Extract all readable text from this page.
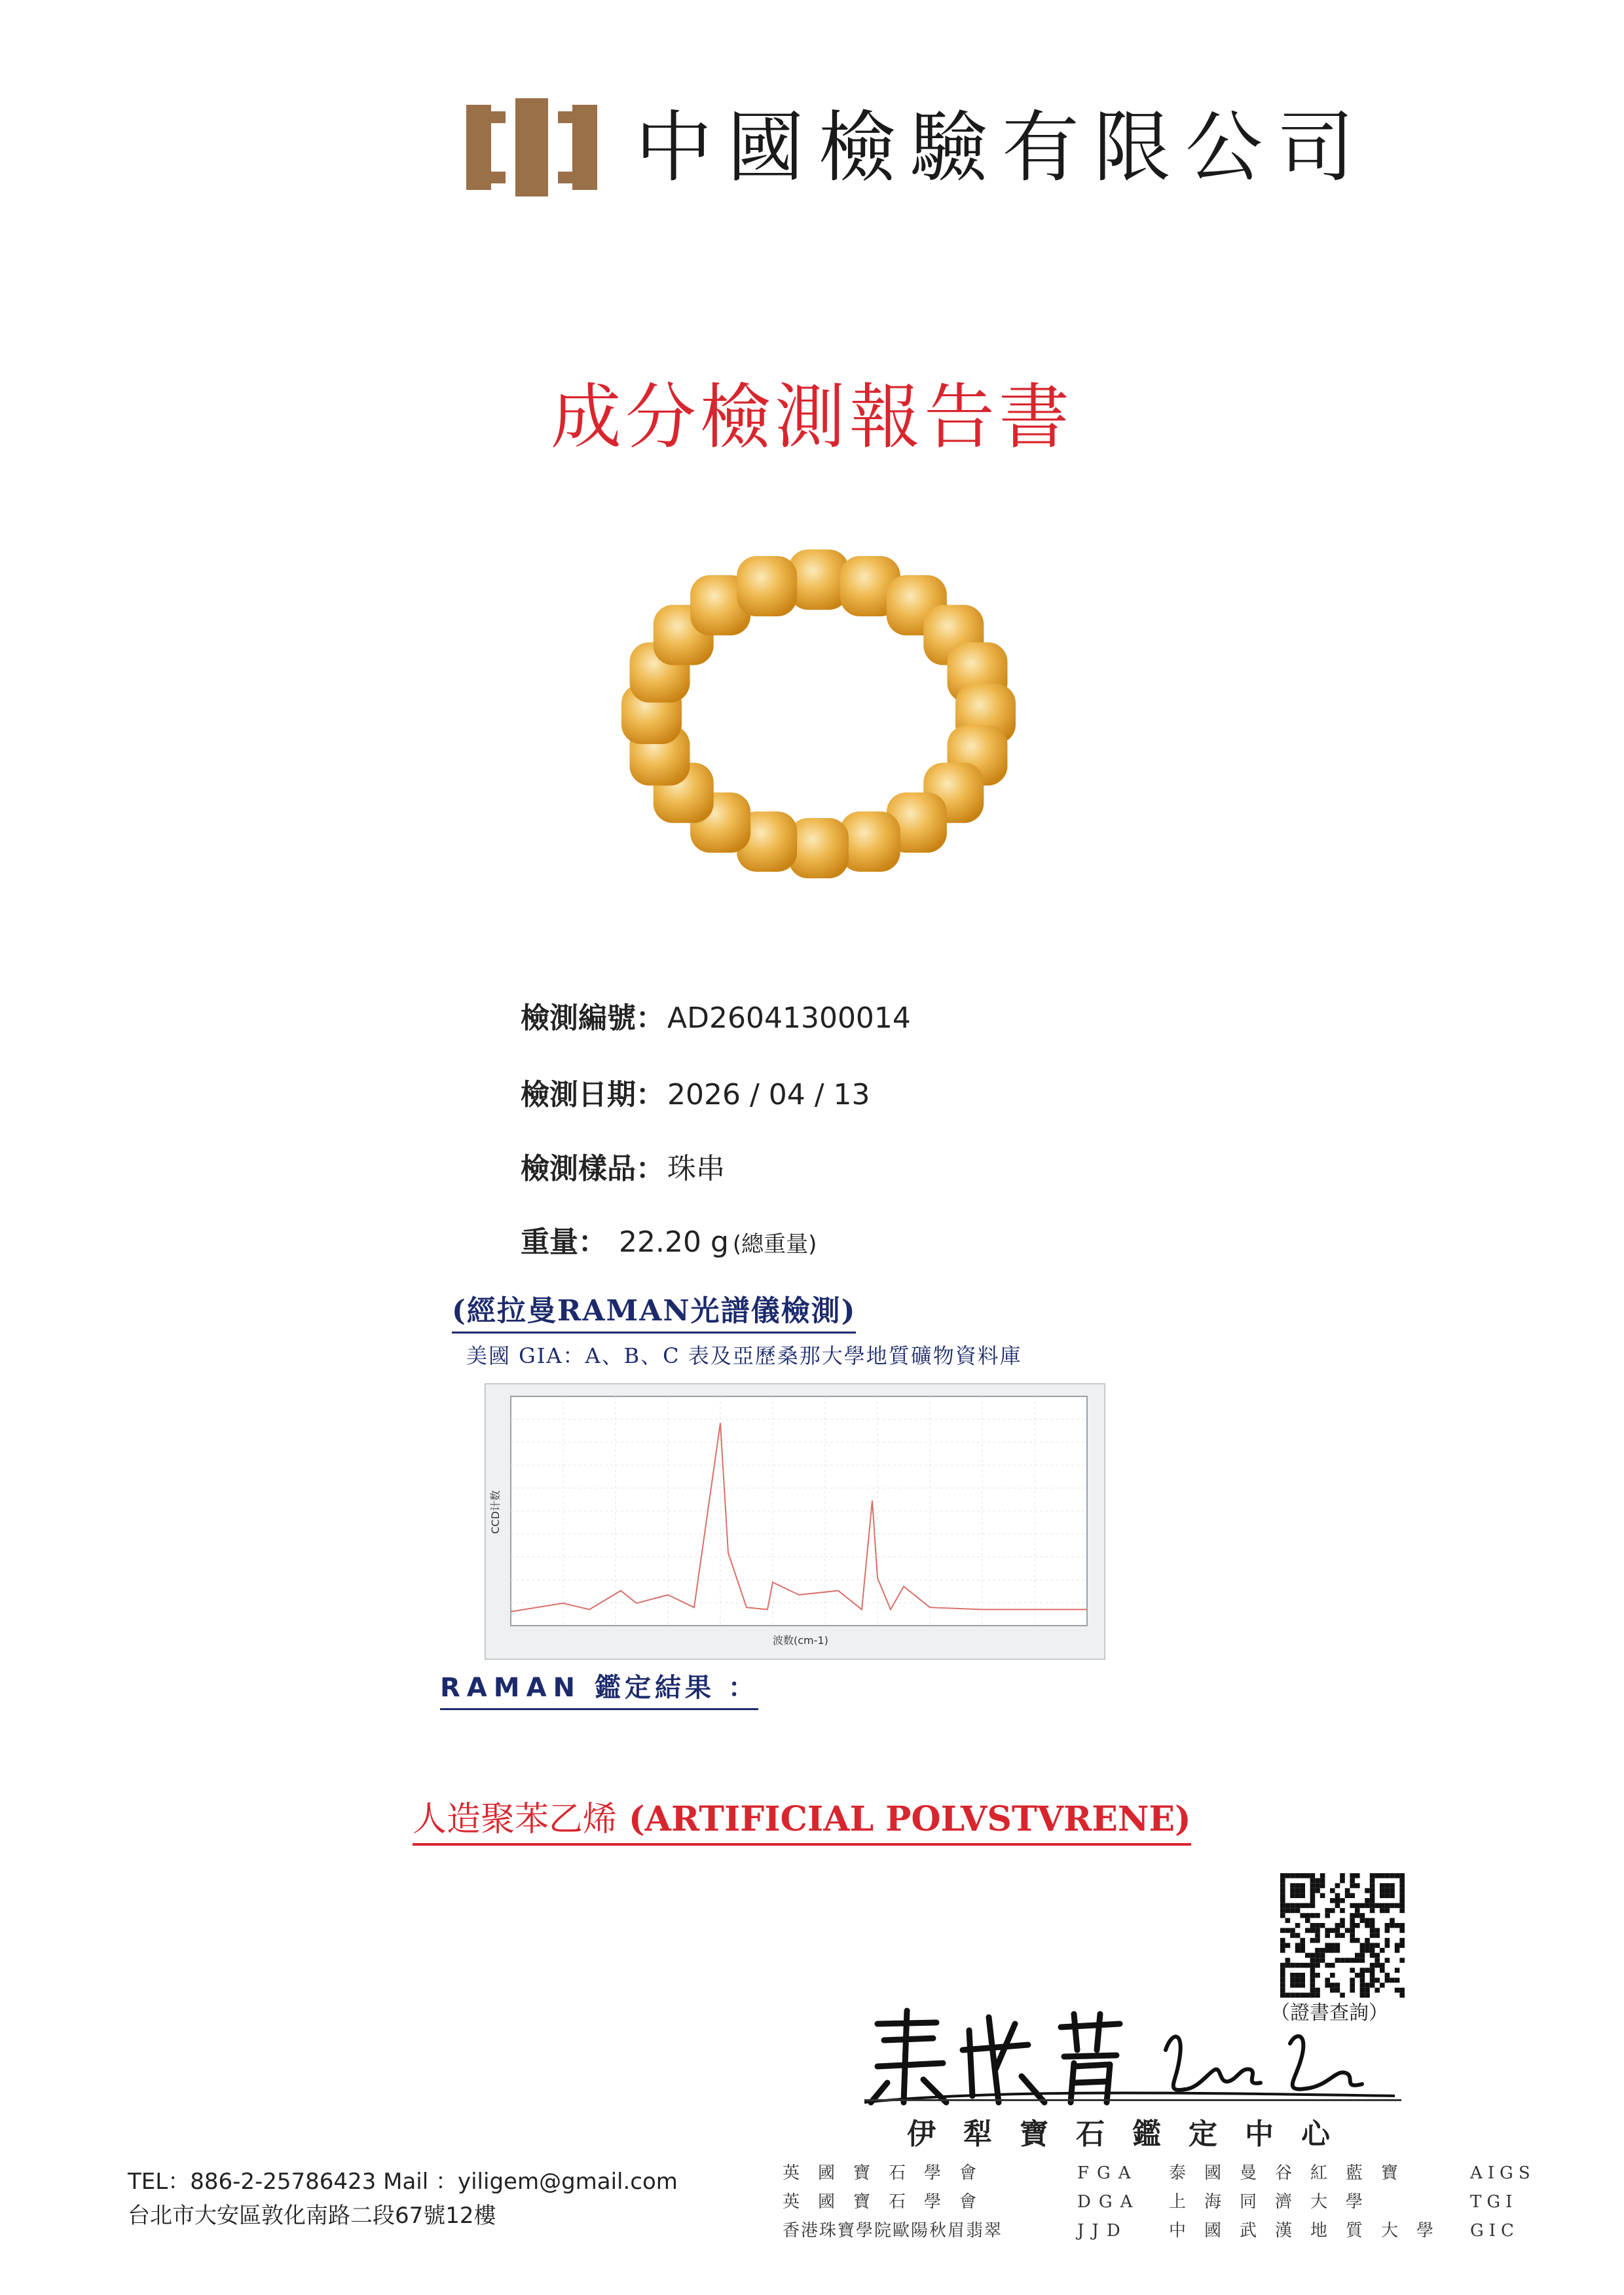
中國檢驗有限公司
成分檢測報告書
檢測編號：AD26041300014
檢測日期：2026 / 04 / 13
檢測樣品：珠串
重量： 22.20 g (總重量)
(經拉曼RAMAN光譜儀檢測)
美國 GIA：A、B、C 表及亞歷桑那大學地質礦物資料庫
CCD计数
波数(cm-1)
RAMAN 鑑定結果 ：
人造聚苯乙烯 (ARTIFICIAL POLVSTVRENE)
（證書查詢）
伊犁寶石鑑定中心
TEL：886-2-25786423 Mail ：yiligem@gmail.com
台北市大安區敦化南路二段67號12樓
英國寶石學會	FGA	泰國曼谷紅藍寶	AIGS
英國寶石學會	DGA	上海同濟大學	TGI
香港珠寶學院歐陽秋眉翡翠	JJD	中國武漢地質大學	GIC
